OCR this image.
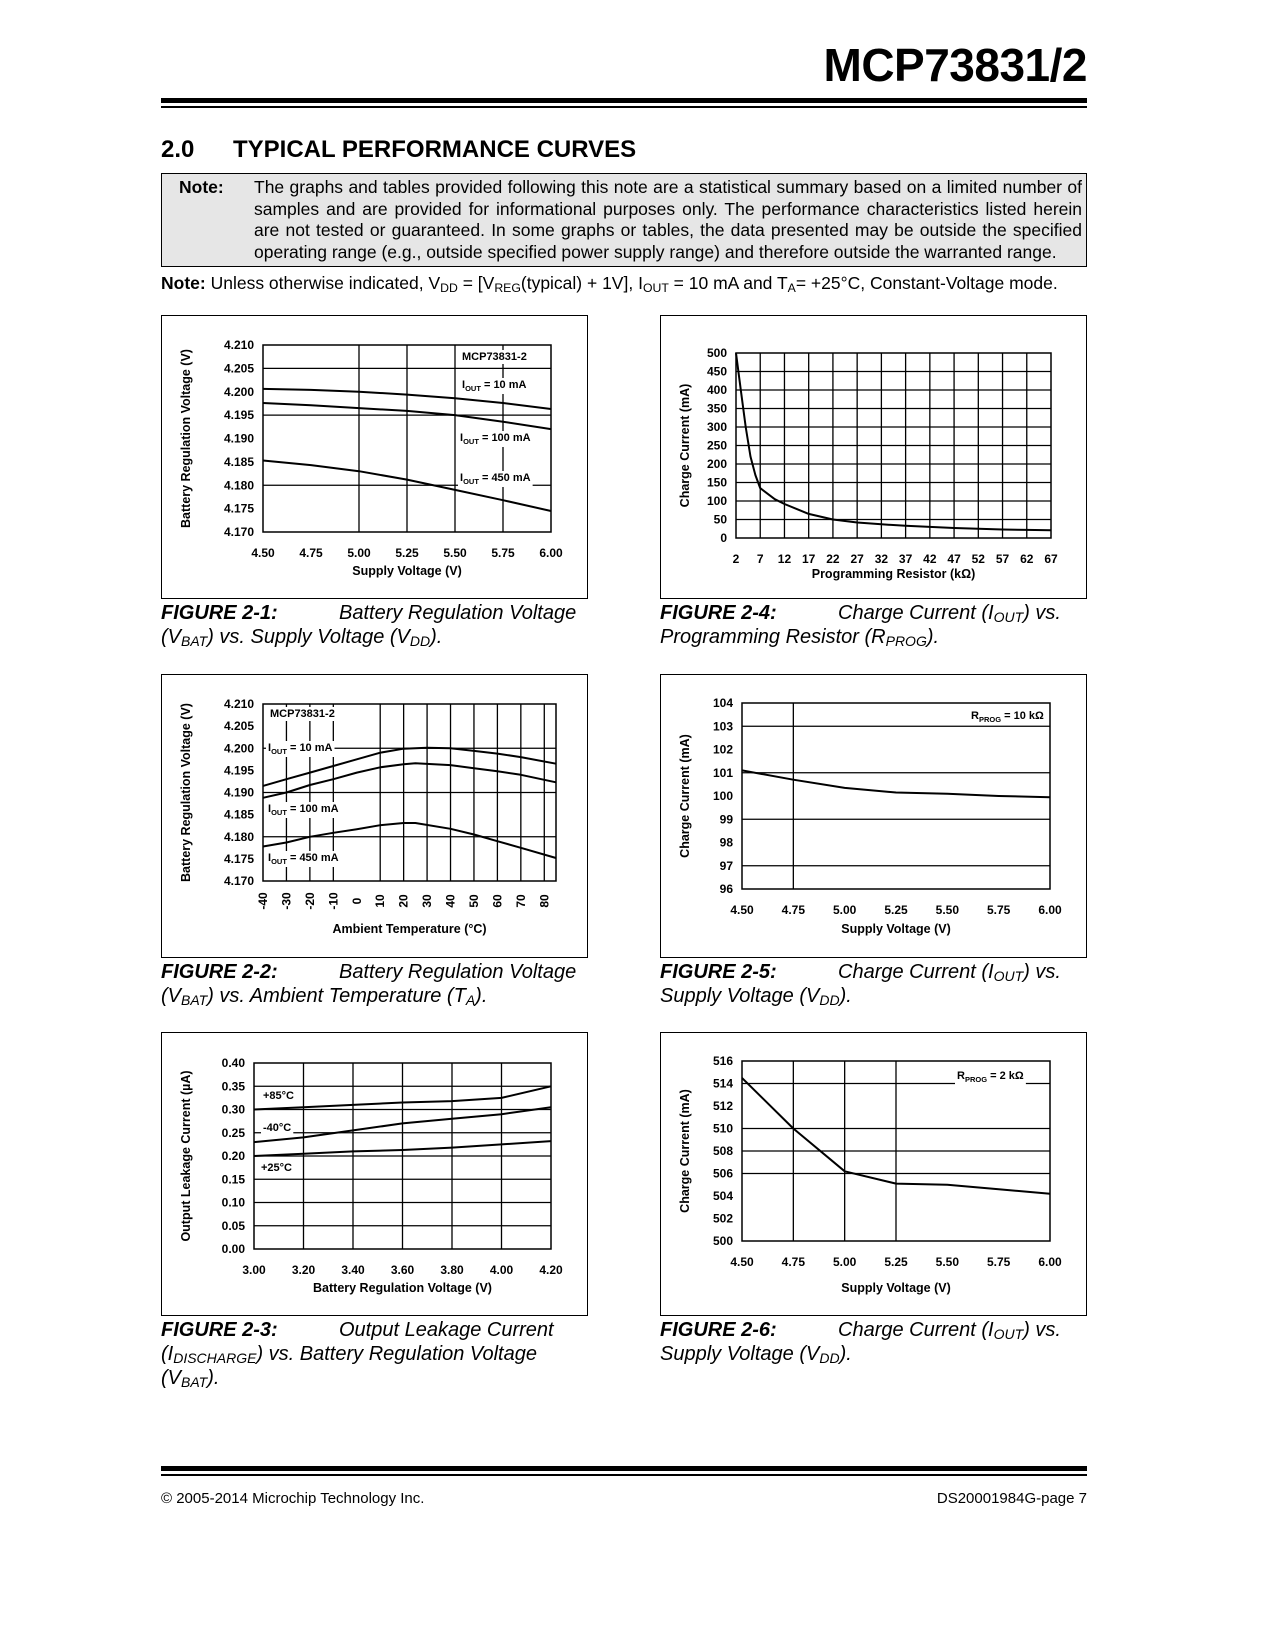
MCP73831/2
2.0 TYPICAL PERFORMANCE CURVES
Note: The graphs and tables provided following this note are a statistical summary based on a limited number of samples and are provided for informational purposes only. The performance characteristics listed herein are not tested or guaranteed. In some graphs or tables, the data presented may be outside the specified operating range (e.g., outside specified power supply range) and therefore outside the warranted range.
Note: Unless otherwise indicated, $V_{DD}$ = $[V_{REG}(typical) + 1V]$, $I_{OUT} = 10$ mA and $T_A= +25^\circ C$, Constant-Voltage mode.
MCP73831-2
$I_{OUT} = 10$ mA
$I_{OUT} = 100$ mA
$I_{OUT} = 450$ mA
4.170
4.175
4.180
4.185
4.190
4.195
4.200
4.205
4.210
4.50 4.75 5.00 5.25 5.50 5.75 6.00
Supply Voltage (V)
Battery Regulation Voltage (V)
FIGURE 2-1:	Battery Regulation Voltage $(V_{BAT})$ vs. Supply Voltage $(V_{DD})$.
MCP73831-2
$I_{OUT} = 10$ mA
$I_{OUT} = 100$ mA
$I_{OUT} = 450$ mA
4.170
4.175
4.180
4.185
4.190
4.195
4.200
4.205
4.210
-40 -30 -20 -10 0 10 20 30 40 50 60 70 80
Ambient Temperature (°C)
Battery Regulation Voltage (V)
FIGURE 2-2:	Battery Regulation Voltage $(V_{BAT})$ vs. Ambient Temperature $(T_A)$.
+85°C
-40°C
+25°C
0.00
0.05
0.10
0.15
0.20
0.25
0.30
0.35
0.40
3.00 3.20 3.40 3.60 3.80 4.00 4.20
Battery Regulation Voltage (V)
Output Leakage Current (µA)
FIGURE 2-3:	Output Leakage Current $(I_{DISCHARGE})$ vs. Battery Regulation Voltage $(V_{BAT})$.
0
50
100
150
200
250
300
350
400
450
500
2 7 12 17 22 27 32 37 42 47 52 57 62 67
Programming Resistor (kΩ)
Charge Current (mA)
FIGURE 2-4:	Charge Current $(I_{OUT})$ vs. Programming Resistor $(R_{PROG})$.
$R_{PROG} = 10$ kΩ
96
97
98
99
100
101
102
103
104
4.50 4.75 5.00 5.25 5.50 5.75 6.00
Supply Voltage (V)
Charge Current (mA)
FIGURE 2-5:	Charge Current $(I_{OUT})$ vs. Supply Voltage $(V_{DD})$.
$R_{PROG} = 2$ kΩ
500
502
504
506
508
510
512
514
516
4.50 4.75 5.00 5.25 5.50 5.75 6.00
Supply Voltage (V)
Charge Current (mA)
FIGURE 2-6:	Charge Current $(I_{OUT})$ vs. Supply Voltage $(V_{DD})$.
© 2005-2014 Microchip Technology Inc.	DS20001984G-page 7
